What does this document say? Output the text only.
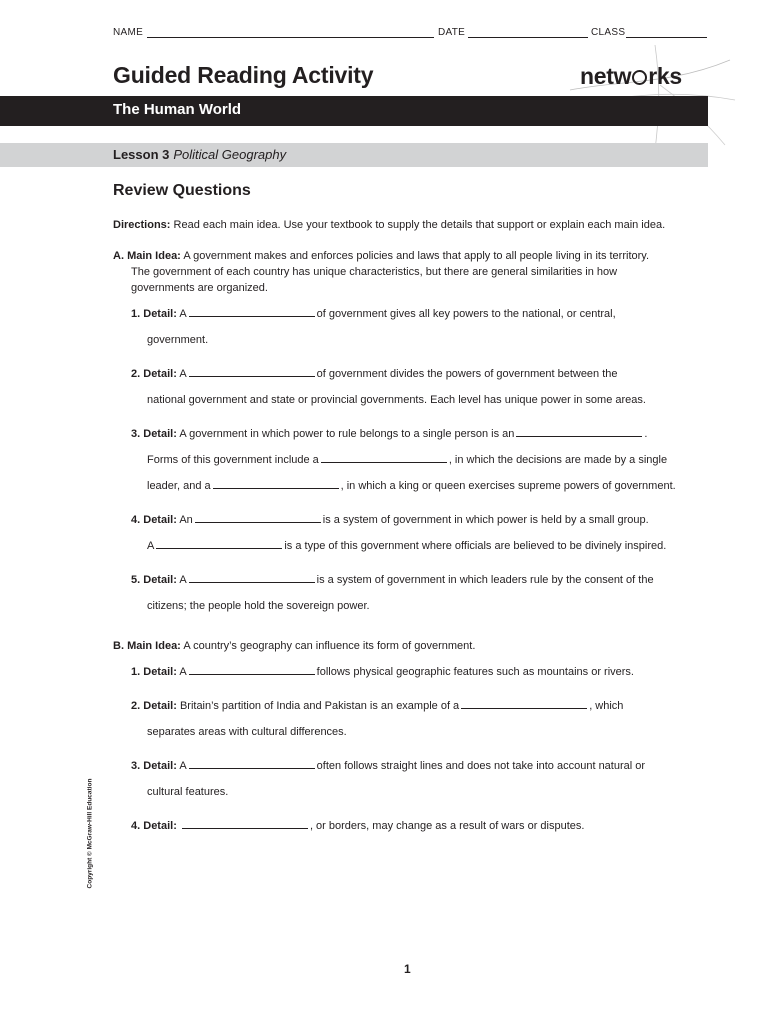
NAME	DATE	CLASS
Guided Reading Activity	netw rks
The Human World
Lesson 3 Political Geography
Review Questions
Directions: Read each main idea. Use your textbook to supply the details that support or explain each main idea.
A. Main Idea: A government makes and enforces policies and laws that apply to all people living in its territory.
The government of each country has unique characteristics, but there are general similarities in how
governments are organized.
1. Detail: A	of government gives all key powers to the national, or central,
government.
2. Detail: A	of government divides the powers of government between the
national government and state or provincial governments. Each level has unique power in some areas.
3. Detail: A government in which power to rule belongs to a single person is an	.
Forms of this government include a	, in which the decisions are made by a single
leader, and a	, in which a king or queen exercises supreme powers of government.
4. Detail: An	is a system of government in which power is held by a small group.
A	is a type of this government where officials are believed to be divinely inspired.
5. Detail: A	is a system of government in which leaders rule by the consent of the
citizens; the people hold the sovereign power.
B. Main Idea: A country’s geography can influence its form of government.
1. Detail: A	follows physical geographic features such as mountains or rivers.
2. Detail: Britain’s partition of India and Pakistan is an example of a	, which
separates areas with cultural differences.
3. Detail: A	often follows straight lines and does not take into account natural or
cultural features.
4. Detail:	, or borders, may change as a result of wars or disputes.
Copyright © McGraw-Hill Education
1
